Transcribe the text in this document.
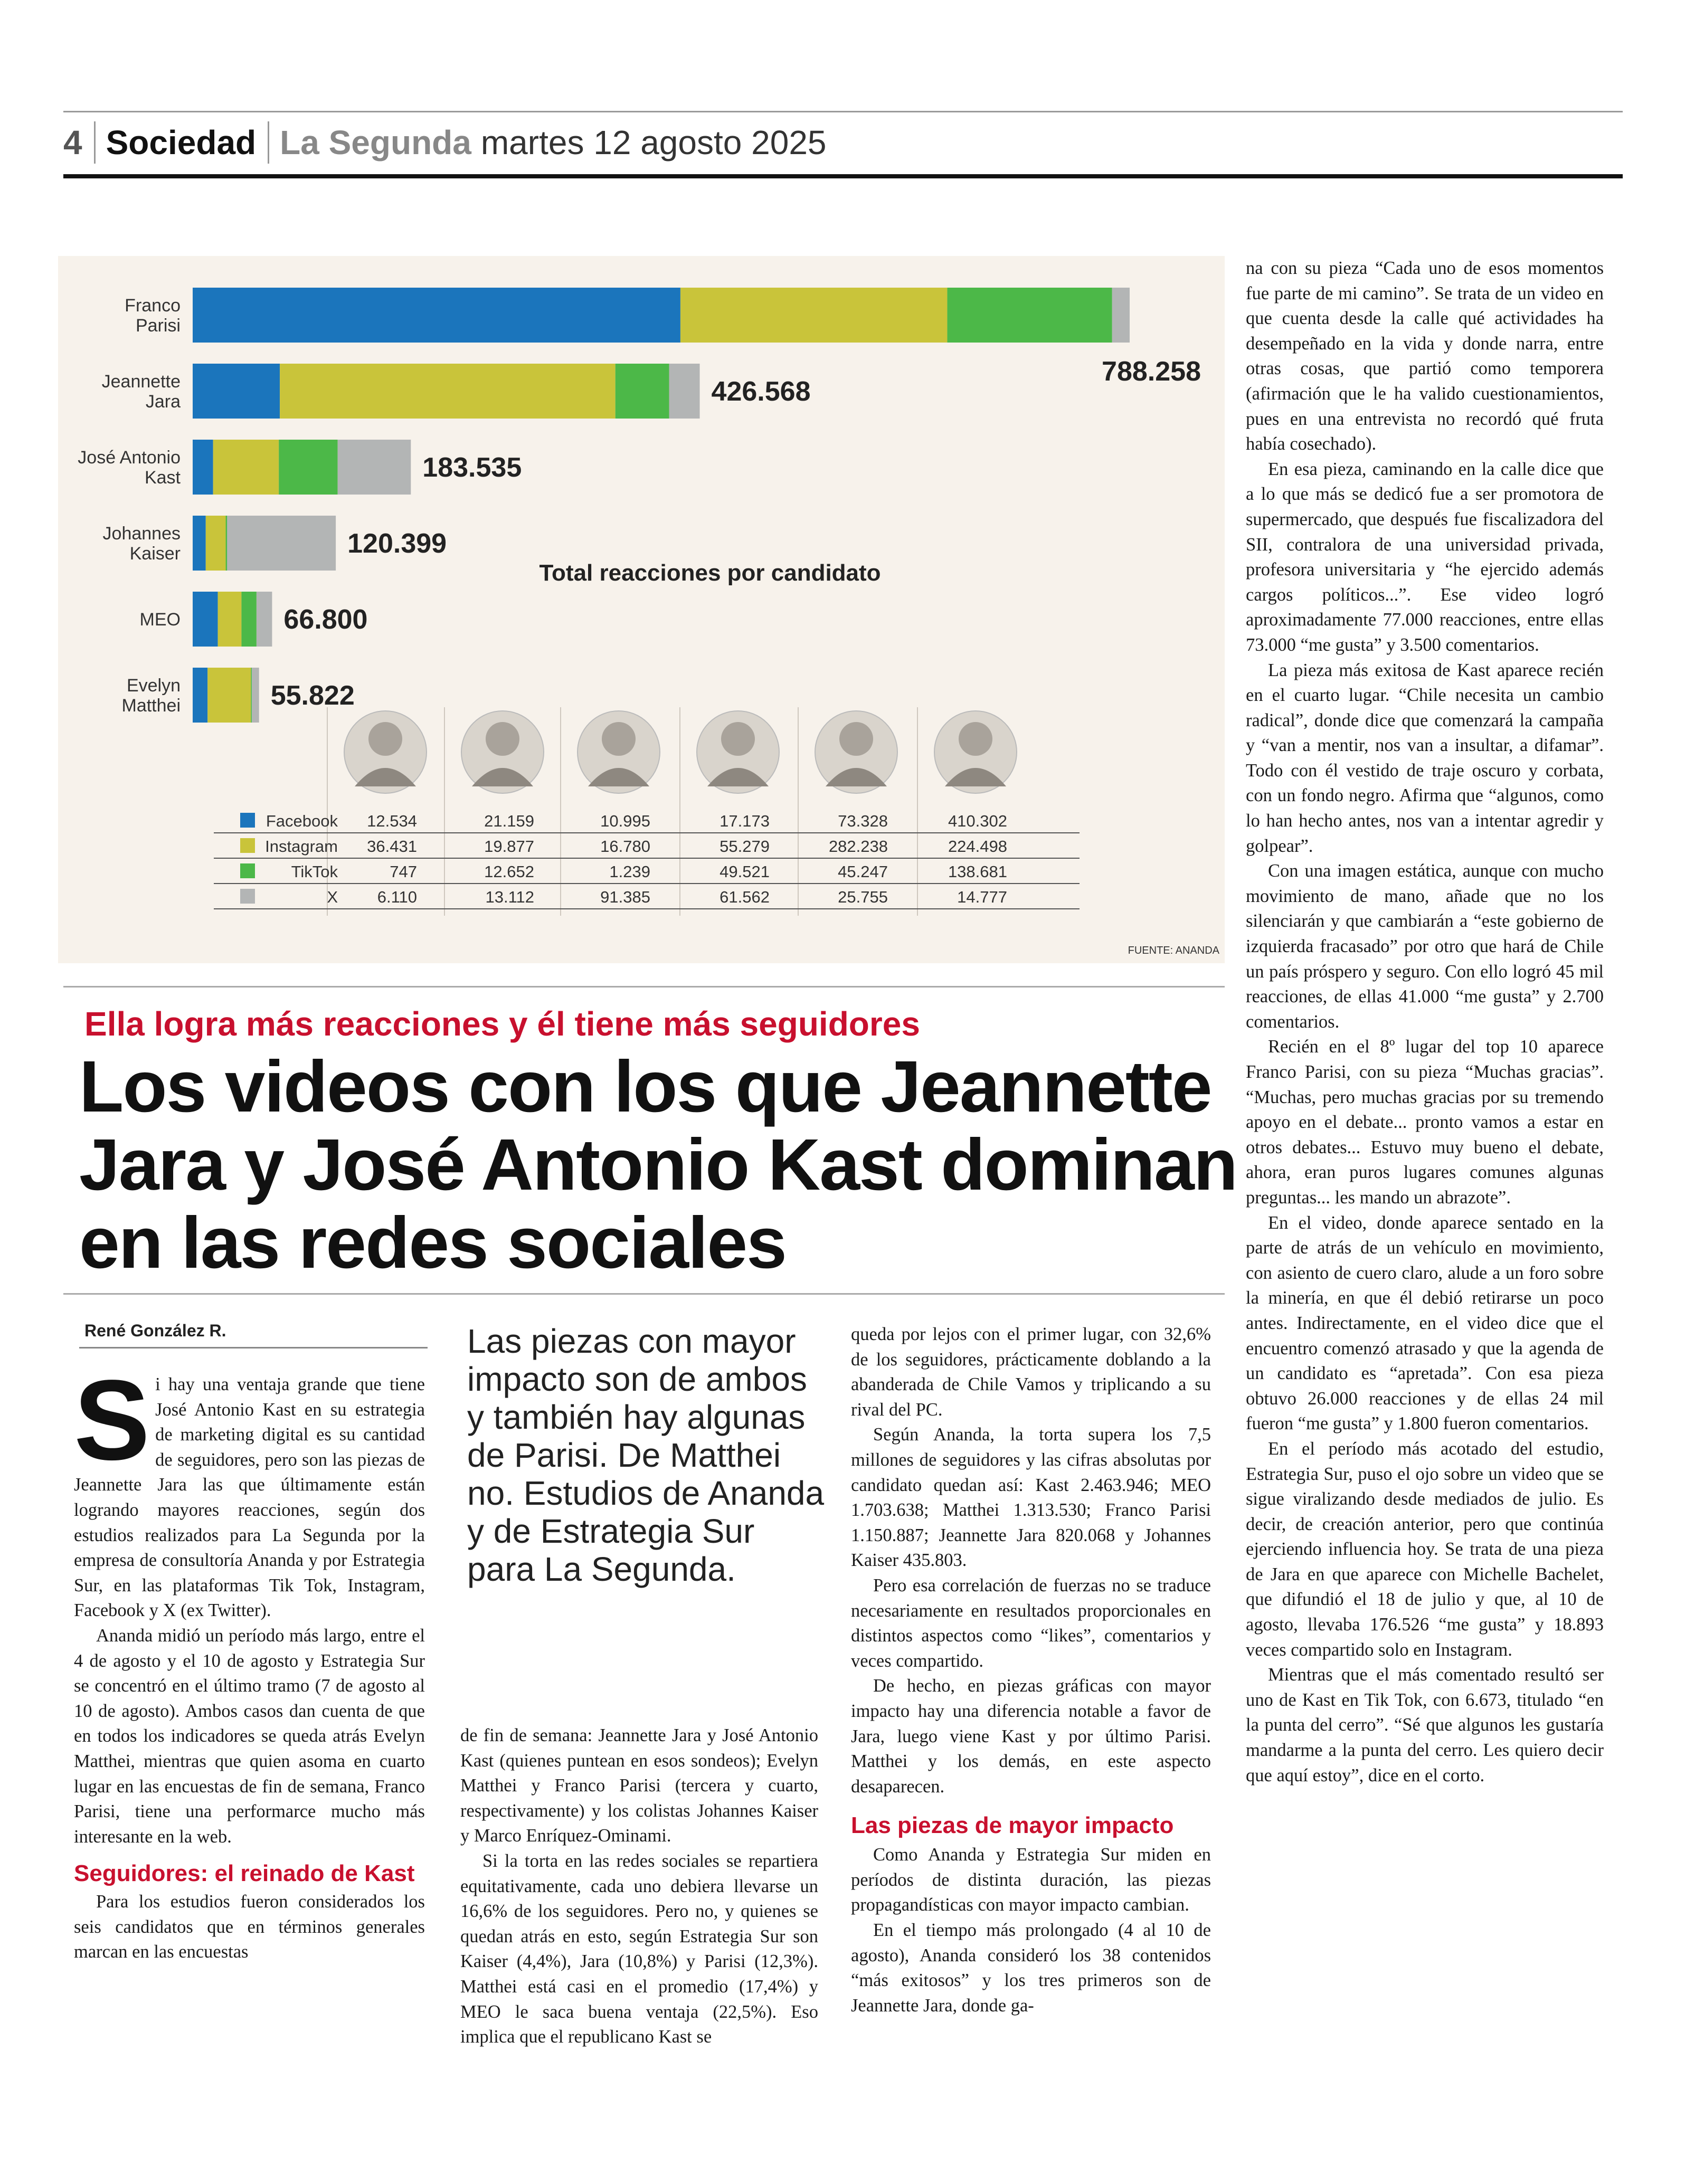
4 Sociedad La Segunda martes 12 agosto 2025
Franco Parisi
788.258
Jeannette Jara	426.568
José Antonio Kast	183.535
Johannes Kaiser	120.399
MEO	66.800
Evelyn Matthei	55.822
Total reacciones por candidato
Facebook 12.534	21.159	10.995	17.173	73.328	410.302
Instagram 36.431	19.877	16.780	55.279	282.238	224.498
TikTok	747	12.652	1.239	49.521	45.247	138.681
X 6.110	13.112	91.385	61.562	25.755	14.777
FUENTE: ANANDA
Ella logra más reacciones y él tiene más seguidores
Los videos con los que Jeannette
Jara y José Antonio Kast dominan
en las redes sociales
René González R.
S i hay una ventaja grande que tiene José Antonio Kast en su estrategia de marketing digital es su cantidad de seguidores, pero son las piezas de Jeannette Jara las que últimamente están logrando mayores reacciones, según dos estudios realizados para La Segunda por la empresa de consultoría Ananda y por Estrategia Sur, en las plataformas Tik Tok, Instagram, Facebook y X (ex Twitter).

Ananda midió un período más largo, entre el 4 de agosto y el 10 de agosto y Estrategia Sur se concentró en el último tramo (7 de agosto al 10 de agosto). Ambos casos dan cuenta de que en todos los indicadores se queda atrás Evelyn Matthei, mientras que quien asoma en cuarto lugar en las encuestas de fin de semana, Franco Parisi, tiene una performarce mucho más interesante en la web.

Seguidores: el reinado de Kast

Para los estudios fueron considerados los seis candidatos que en términos generales marcan en las encuestas

Las piezas con mayor impacto son de ambos y también hay algunas de Parisi. De Matthei no. Estudios de Ananda y de Estrategia Sur para La Segunda.

de fin de semana: Jeannette Jara y José Antonio Kast (quienes puntean en esos sondeos); Evelyn Matthei y Franco Parisi (tercera y cuarto, respectivamente) y los colistas Johannes Kaiser y Marco Enríquez-Ominami.

Si la torta en las redes sociales se repartiera equitativamente, cada uno debiera llevarse un 16,6% de los seguidores. Pero no, y quienes se quedan atrás en esto, según Estrategia Sur son Kaiser (4,4%), Jara (10,8%) y Parisi (12,3%). Matthei está casi en el promedio (17,4%) y MEO le saca buena ventaja (22,5%). Eso implica que el republicano Kast se

queda por lejos con el primer lugar, con 32,6% de los seguidores, prácticamente doblando a la abanderada de Chile Vamos y triplicando a su rival del PC.

Según Ananda, la torta supera los 7,5 millones de seguidores y las cifras absolutas por candidato quedan así: Kast 2.463.946; MEO 1.703.638; Matthei 1.313.530; Franco Parisi 1.150.887; Jeannette Jara 820.068 y Johannes Kaiser 435.803.

Pero esa correlación de fuerzas no se traduce necesariamente en resultados proporcionales en distintos aspectos como “likes”, comentarios y veces compartido.

De hecho, en piezas gráficas con mayor impacto hay una diferencia notable a favor de Jara, luego viene Kast y por último Parisi. Matthei y los demás, en este aspecto desaparecen.

Las piezas de mayor impacto

Como Ananda y Estrategia Sur miden en períodos de distinta duración, las piezas propagandísticas con mayor impacto cambian.

En el tiempo más prolongado (4 al 10 de agosto), Ananda consideró los 38 contenidos “más exitosos” y los tres primeros son de Jeannette Jara, donde ga-

na con su pieza “Cada uno de esos momentos fue parte de mi camino”. Se trata de un video en que cuenta desde la calle qué actividades ha desempeñado en la vida y donde narra, entre otras cosas, que partió como temporera (afirmación que le ha valido cuestionamientos, pues en una entrevista no recordó qué fruta había cosechado).

En esa pieza, caminando en la calle dice que a lo que más se dedicó fue a ser promotora de supermercado, que después fue fiscalizadora del SII, contralora de una universidad privada, profesora universitaria y “he ejercido además cargos políticos...”. Ese video logró aproximadamente 77.000 reacciones, entre ellas 73.000 “me gusta” y 3.500 comentarios.

La pieza más exitosa de Kast aparece recién en el cuarto lugar. “Chile necesita un cambio radical”, donde dice que comenzará la campaña y “van a mentir, nos van a insultar, a difamar”. Todo con él vestido de traje oscuro y corbata, con un fondo negro. Afirma que “algunos, como lo han hecho antes, nos van a intentar agredir y golpear”.

Con una imagen estática, aunque con mucho movimiento de mano, añade que no los silenciarán y que cambiarán a “este gobierno de izquierda fracasado” por otro que hará de Chile un país próspero y seguro. Con ello logró 45 mil reacciones, de ellas 41.000 “me gusta” y 2.700 comentarios.

Recién en el 8º lugar del top 10 aparece Franco Parisi, con su pieza “Muchas gracias”. “Muchas, pero muchas gracias por su tremendo apoyo en el debate... pronto vamos a estar en otros debates... Estuvo muy bueno el debate, ahora, eran puros lugares comunes algunas preguntas... les mando un abrazote”.

En el video, donde aparece sentado en la parte de atrás de un vehículo en movimiento, con asiento de cuero claro, alude a un foro sobre la minería, en que él debió retirarse un poco antes. Indirectamente, en el video dice que el encuentro comenzó atrasado y que la agenda de un candidato es “apretada”. Con esa pieza obtuvo 26.000 reacciones y de ellas 24 mil fueron “me gusta” y 1.800 fueron comentarios.

En el período más acotado del estudio, Estrategia Sur, puso el ojo sobre un video que se sigue viralizando desde mediados de julio. Es decir, de creación anterior, pero que continúa ejerciendo influencia hoy. Se trata de una pieza de Jara en que aparece con Michelle Bachelet, que difundió el 18 de julio y que, al 10 de agosto, llevaba 176.526 “me gusta” y 18.893 veces compartido solo en Instagram.

Mientras que el más comentado resultó ser uno de Kast en Tik Tok, con 6.673, titulado “en la punta del cerro”. “Sé que algunos les gustaría mandarme a la punta del cerro. Les quiero decir que aquí estoy”, dice en el corto.
